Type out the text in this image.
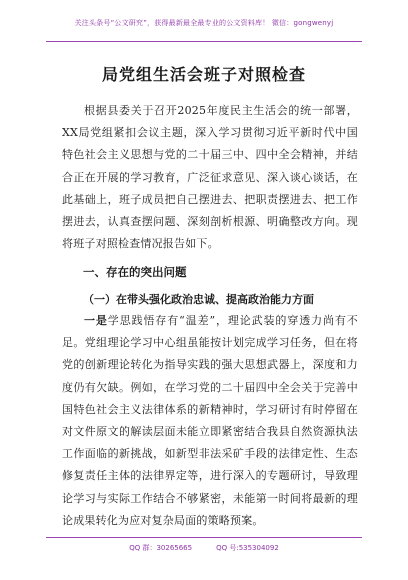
关注头条号“公文研究”，获得最新最全最专业的公文资料库！ 微信：gongwenyj
局党组生活会班子对照检查
根据县委关于召开2025年度民主生活会的统一部署，XX局党组紧扣会议主题，深入学习贯彻习近平新时代中国特色社会主义思想与党的二十届三中、四中全会精神，并结合正在开展的学习教育，广泛征求意见、深入谈心谈话，在此基础上，班子成员把自己摆进去、把职责摆进去、把工作摆进去，认真查摆问题、深刻剖析根源、明确整改方向。现将班子对照检查情况报告如下。
一、存在的突出问题
（一）在带头强化政治忠诚、提高政治能力方面
一是学思践悟存有“温差”，理论武装的穿透力尚有不足。党组理论学习中心组虽能按计划完成学习任务，但在将党的创新理论转化为指导实践的强大思想武器上，深度和力度仍有欠缺。例如，在学习党的二十届四中全会关于完善中国特色社会主义法律体系的新精神时，学习研讨有时停留在对文件原文的解读层面未能立即紧密结合我县自然资源执法工作面临的新挑战，如新型非法采矿手段的法律定性、生态修复责任主体的法律界定等，进行深入的专题研讨，导致理论学习与实际工作结合不够紧密，未能第一时间将最新的理论成果转化为应对复杂局面的策略预案。
QQ 群：30265665	QQ 号:535304092
